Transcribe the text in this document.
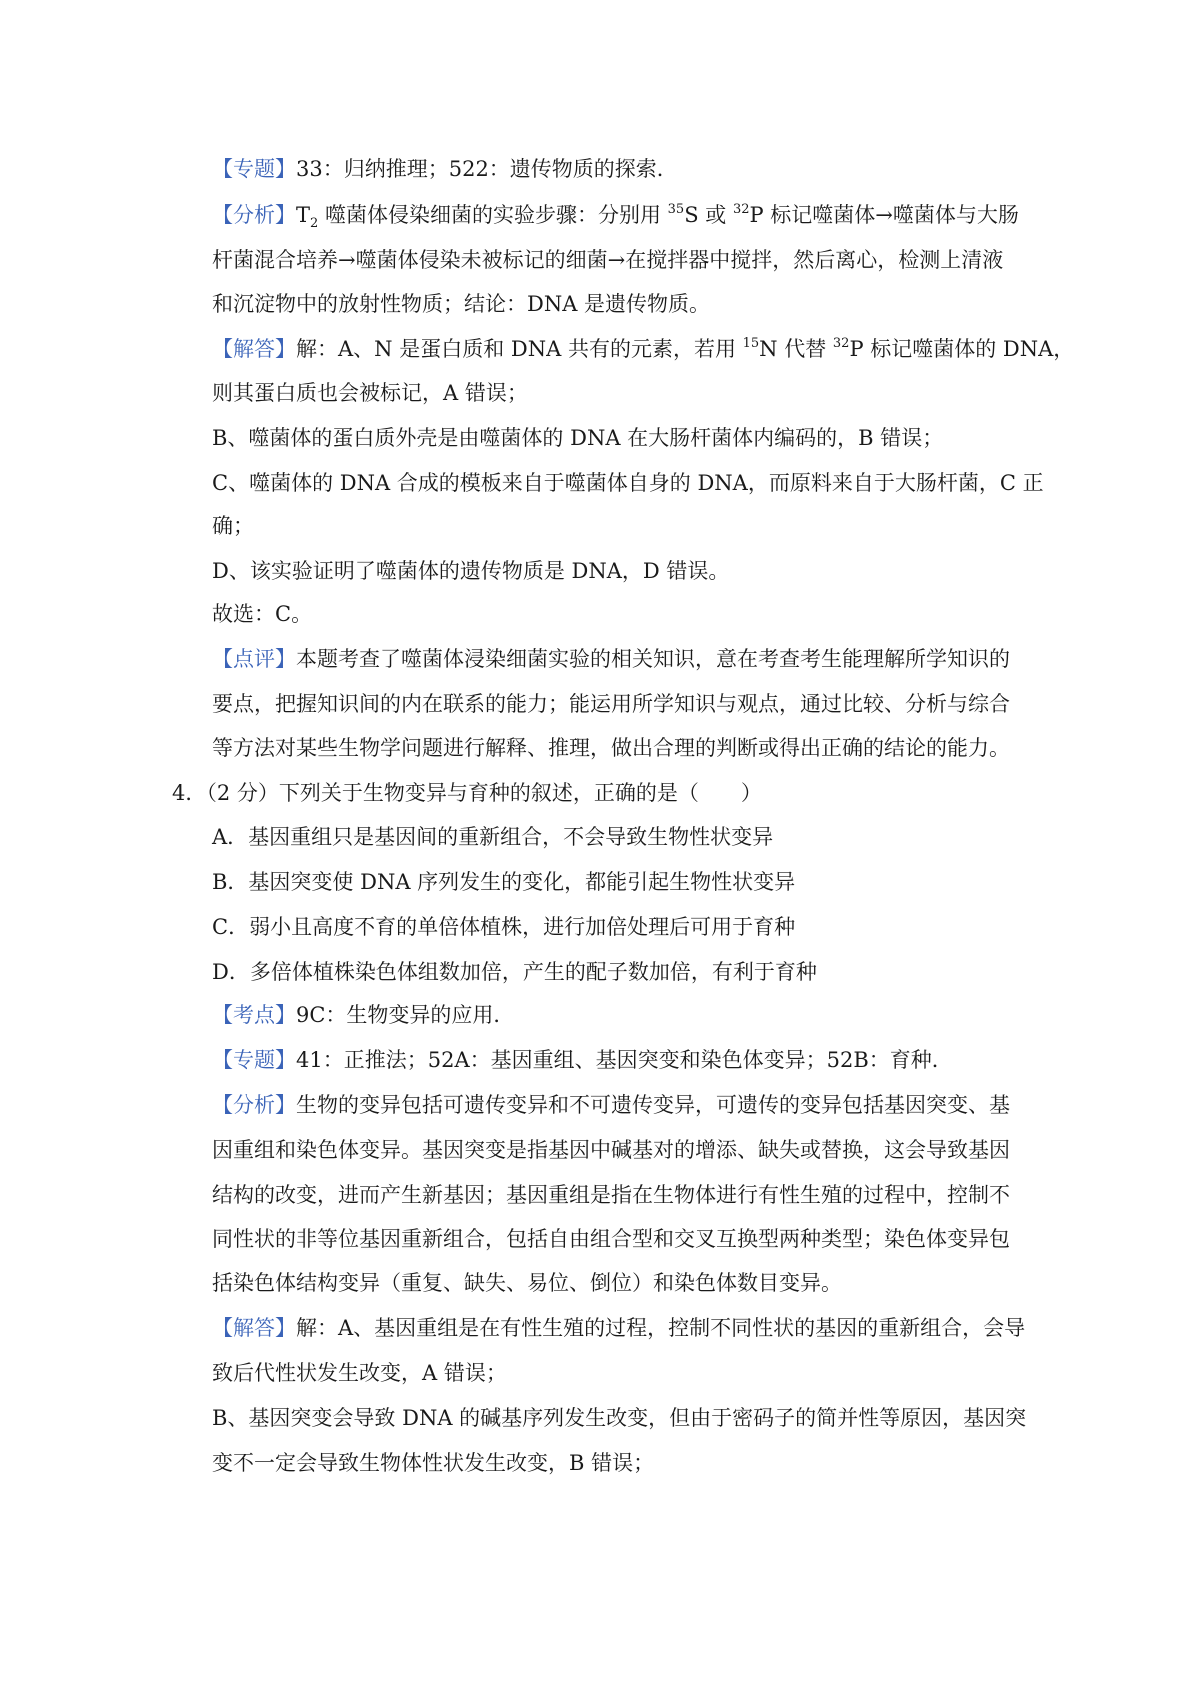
【专题】33：归纳推理；522：遗传物质的探索．
【分析】$T_2$ 噬菌体侵染细菌的实验步骤：分别用 $^{35}$S 或 $^{32}$P 标记噬菌体→噬菌体与大肠
杆菌混合培养→噬菌体侵染未被标记的细菌→在搅拌器中搅拌，然后离心，检测上清液
和沉淀物中的放射性物质；结论：DNA 是遗传物质。
【解答】解：A、N 是蛋白质和 DNA 共有的元素，若用 $^{15}$N 代替 $^{32}$P 标记噬菌体的 DNA，
则其蛋白质也会被标记，A 错误；
B、噬菌体的蛋白质外壳是由噬菌体的 DNA 在大肠杆菌体内编码的，B 错误；
C、噬菌体的 DNA 合成的模板来自于噬菌体自身的 DNA，而原料来自于大肠杆菌，C 正
确；
D、该实验证明了噬菌体的遗传物质是 DNA，D 错误。
故选：C。
【点评】本题考查了噬菌体浸染细菌实验的相关知识，意在考查考生能理解所学知识的
要点，把握知识间的内在联系的能力；能运用所学知识与观点，通过比较、分析与综合
等方法对某些生物学问题进行解释、推理，做出合理的判断或得出正确的结论的能力。
4．（2 分）下列关于生物变异与育种的叙述，正确的是（　　）
A．基因重组只是基因间的重新组合，不会导致生物性状变异
B．基因突变使 DNA 序列发生的变化，都能引起生物性状变异
C．弱小且高度不育的单倍体植株，进行加倍处理后可用于育种
D．多倍体植株染色体组数加倍，产生的配子数加倍，有利于育种
【考点】9C：生物变异的应用．
【专题】41：正推法；52A：基因重组、基因突变和染色体变异；52B：育种．
【分析】生物的变异包括可遗传变异和不可遗传变异，可遗传的变异包括基因突变、基
因重组和染色体变异。基因突变是指基因中碱基对的增添、缺失或替换，这会导致基因
结构的改变，进而产生新基因；基因重组是指在生物体进行有性生殖的过程中，控制不
同性状的非等位基因重新组合，包括自由组合型和交叉互换型两种类型；染色体变异包
括染色体结构变异（重复、缺失、易位、倒位）和染色体数目变异。
【解答】解：A、基因重组是在有性生殖的过程，控制不同性状的基因的重新组合，会导
致后代性状发生改变，A 错误；
B、基因突变会导致 DNA 的碱基序列发生改变，但由于密码子的简并性等原因，基因突
变不一定会导致生物体性状发生改变，B 错误；
